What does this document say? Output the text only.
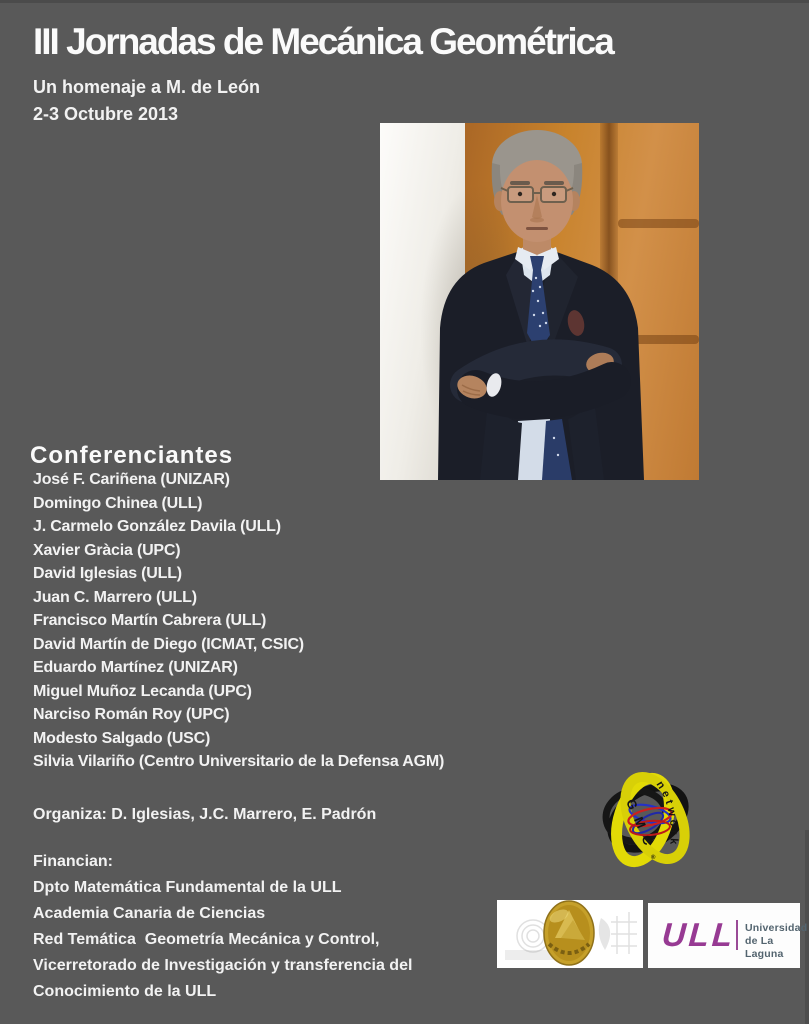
III Jornadas de Mecánica Geométrica
Un homenaje a M. de León
2-3 Octubre 2013
Conferenciantes
José F. Cariñena (UNIZAR)
Domingo Chinea (ULL)
J. Carmelo González Davila (ULL)
Xavier Gràcia (UPC)
David Iglesias (ULL)
Juan C. Marrero (ULL)
Francisco Martín Cabrera (ULL)
David Martín de Diego (ICMAT, CSIC)
Eduardo Martínez (UNIZAR)
Miguel Muñoz Lecanda (UPC)
Narciso Román Roy (UPC)
Modesto Salgado (USC)
Silvia Vilariño (Centro Universitario de la Defensa AGM)
Organiza: D. Iglesias, J.C. Marrero, E. Padrón
Financian:
Dpto Matemática Fundamental de la ULL
Academia Canaria de Ciencias
Red Temática  Geometría Mecánica y Control,
Vicerretorado de Investigación y transferencia del
Conocimiento de la ULL
GMC
®
network
ULL Universidad
de La Laguna
